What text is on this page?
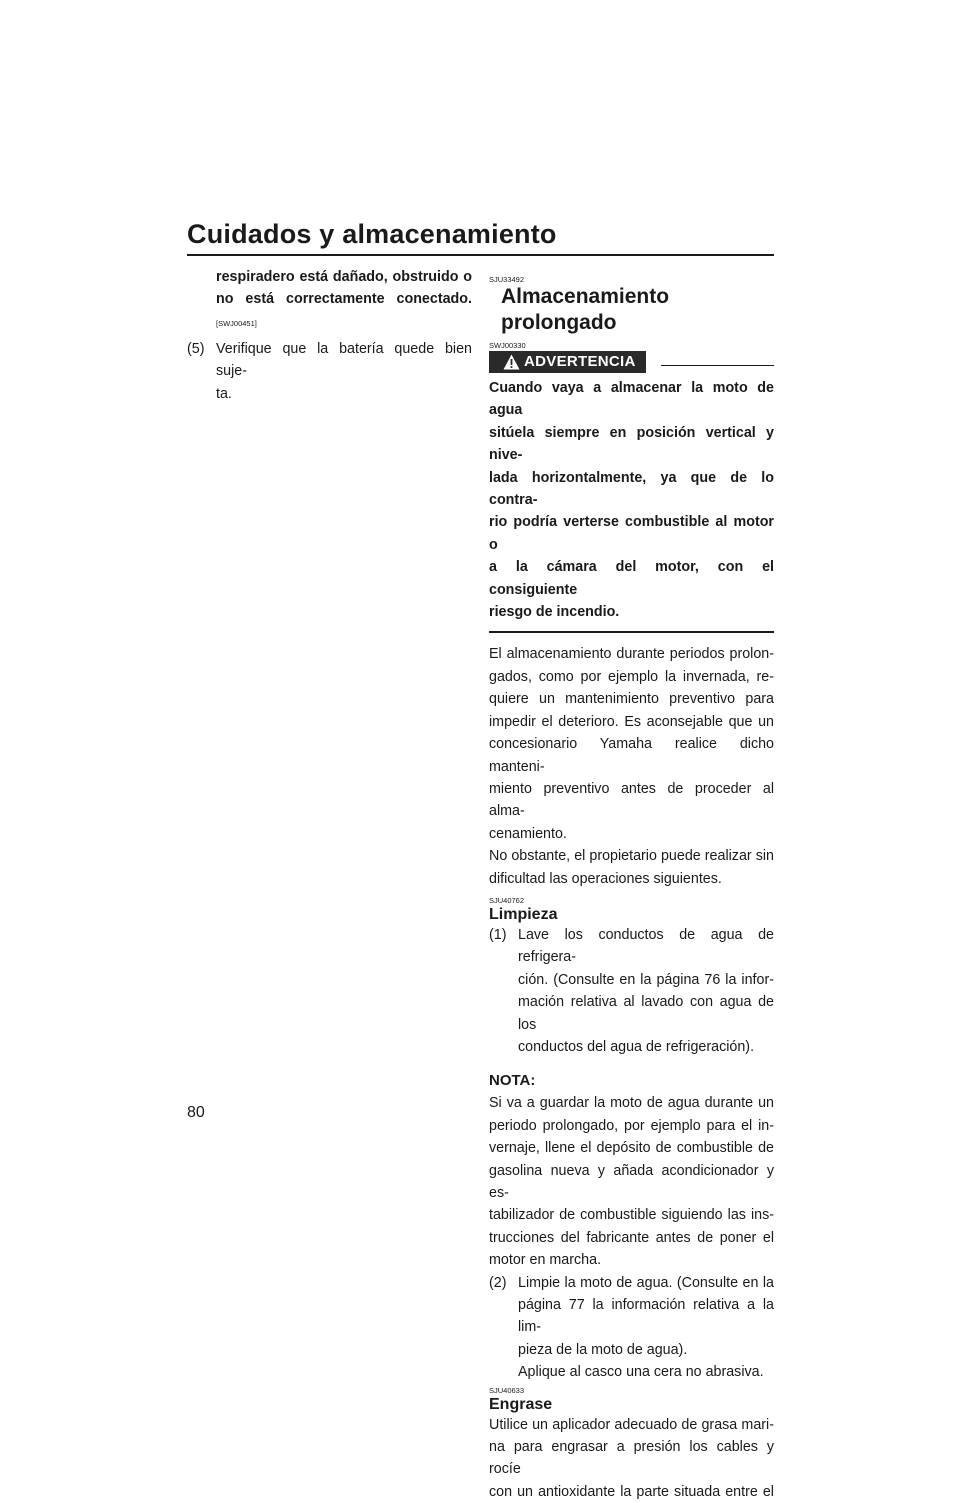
Cuidados y almacenamiento
respiradero está dañado, obstruido o
no está correctamente conectado.
[SWJ00451]
(5) Verifique que la batería quede bien suje-
ta.
SJU33492
Almacenamiento prolongado
SWJ00330
ADVERTENCIA
Cuando vaya a almacenar la moto de agua
sitúela siempre en posición vertical y nive-
lada horizontalmente, ya que de lo contra-
rio podría verterse combustible al motor o
a la cámara del motor, con el consiguiente
riesgo de incendio.
El almacenamiento durante periodos prolon-
gados, como por ejemplo la invernada, re-
quiere un mantenimiento preventivo para
impedir el deterioro. Es aconsejable que un
concesionario Yamaha realice dicho manteni-
miento preventivo antes de proceder al alma-
cenamiento.
No obstante, el propietario puede realizar sin
dificultad las operaciones siguientes.
SJU40762
Limpieza
(1) Lave los conductos de agua de refrigera-
ción. (Consulte en la página 76 la infor-
mación relativa al lavado con agua de los
conductos del agua de refrigeración).
NOTA:
Si va a guardar la moto de agua durante un
periodo prolongado, por ejemplo para el in-
vernaje, llene el depósito de combustible de
gasolina nueva y añada acondicionador y es-
tabilizador de combustible siguiendo las ins-
trucciones del fabricante antes de poner el
motor en marcha.
(2) Limpie la moto de agua. (Consulte en la
página 77 la información relativa a la lim-
pieza de la moto de agua).
Aplique al casco una cera no abrasiva.
SJU40633
Engrase
Utilice un aplicador adecuado de grasa mari-
na para engrasar a presión los cables y rocíe
con un antioxidante la parte situada entre el
80
